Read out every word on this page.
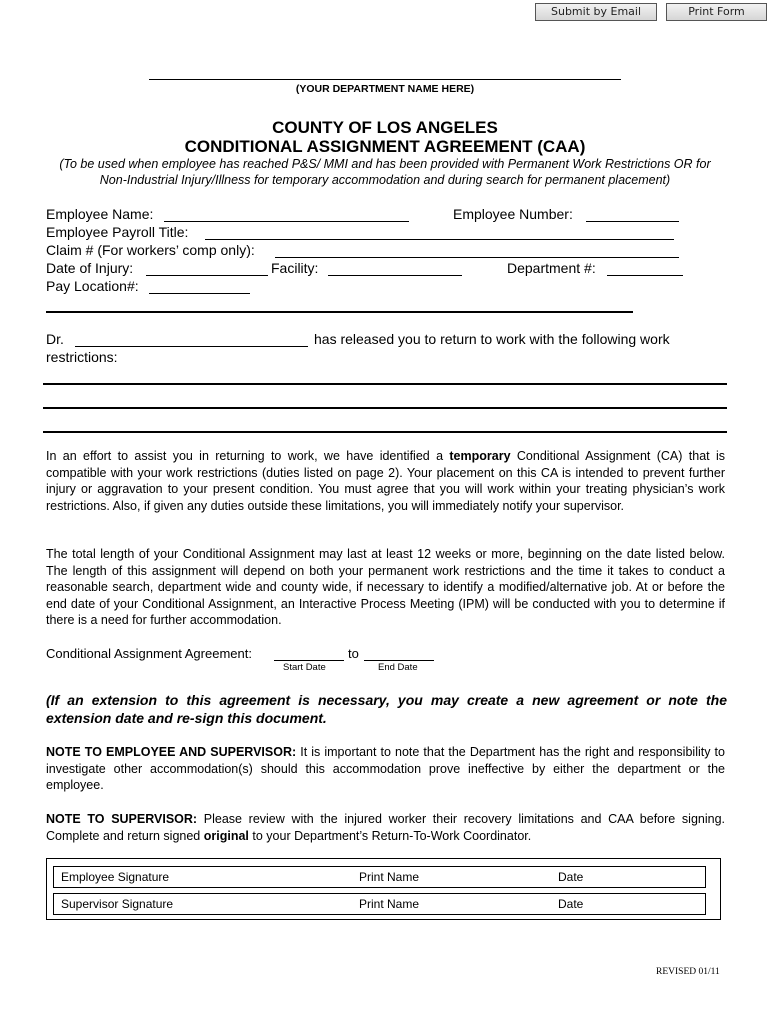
Submit by Email	Print Form
(YOUR DEPARTMENT NAME HERE)
COUNTY OF LOS ANGELES
CONDITIONAL ASSIGNMENT AGREEMENT (CAA)
(To be used when employee has reached P&S/ MMI and has been provided with Permanent Work Restrictions OR for
Non-Industrial Injury/Illness for temporary accommodation and during search for permanent placement)
Employee Name:	Employee Number:
Employee Payroll Title:
Claim # (For workers’ comp only):
Date of Injury:	Facility:	Department #:
Pay Location#:
Dr.	has released you to return to work with the following work
restrictions:
In an effort to assist you in returning to work, we have identified a temporary Conditional Assignment (CA) that is compatible with your work restrictions (duties listed on page 2). Your placement on this CA is intended to prevent further injury or aggravation to your present condition. You must agree that you will work within your treating physician’s work restrictions. Also, if given any duties outside these limitations, you will immediately notify your supervisor.
The total length of your Conditional Assignment may last at least 12 weeks or more, beginning on the date listed below. The length of this assignment will depend on both your permanent work restrictions and the time it takes to conduct a reasonable search, department wide and county wide, if necessary to identify a modified/alternative job. At or before the end date of your Conditional Assignment, an Interactive Process Meeting (IPM) will be conducted with you to determine if there is a need for further accommodation.
Conditional Assignment Agreement:	to
Start Date	End Date
(If an extension to this agreement is necessary, you may create a new agreement or note the extension date and re-sign this document.
NOTE TO EMPLOYEE AND SUPERVISOR: It is important to note that the Department has the right and responsibility to investigate other accommodation(s) should this accommodation prove ineffective by either the department or the employee.
NOTE TO SUPERVISOR: Please review with the injured worker their recovery limitations and CAA before signing. Complete and return signed original to your Department’s Return-To-Work Coordinator.
Employee Signature	Print Name	Date
Supervisor Signature	Print Name	Date
REVISED 01/11
